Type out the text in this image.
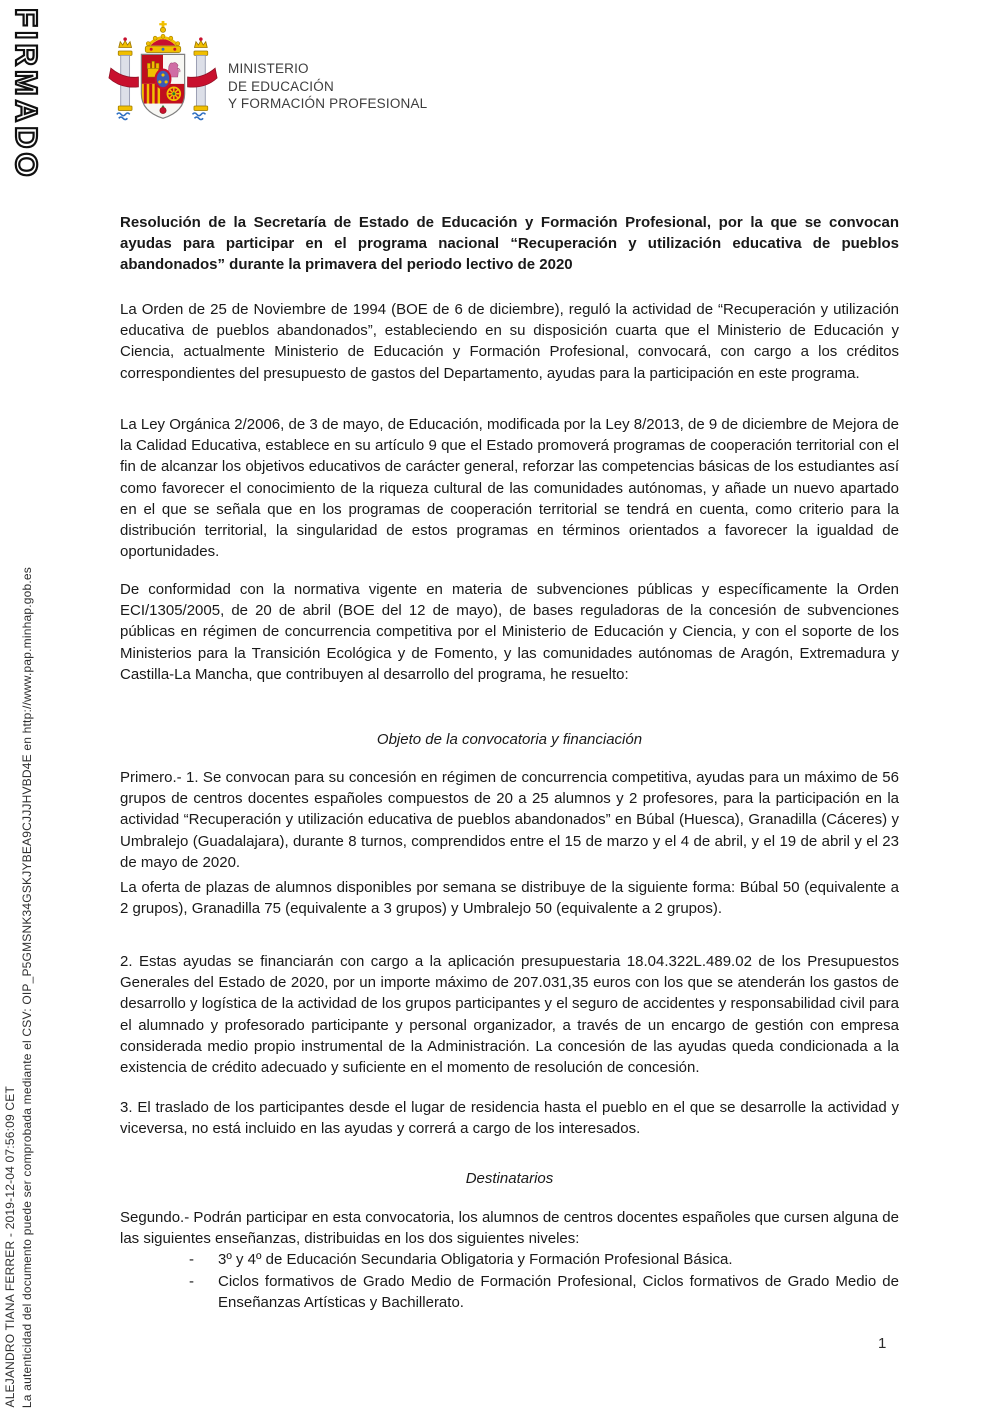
FIRMADO	MINISTERIO
DE EDUCACIÓN
Y FORMACIÓN PROFESIONAL
Resolución de la Secretaría de Estado de Educación y Formación Profesional, por la que se convocan ayudas para participar en el programa nacional “Recuperación y utilización educativa de pueblos abandonados” durante la primavera del periodo lectivo de 2020
La Orden de 25 de Noviembre de 1994 (BOE de 6 de diciembre), reguló la actividad de “Recuperación y utilización educativa de pueblos abandonados”, estableciendo en su disposición cuarta que el Ministerio de Educación y Ciencia, actualmente Ministerio de Educación y Formación Profesional, convocará, con cargo a los créditos correspondientes del presupuesto de gastos del Departamento, ayudas para la participación en este programa.
La Ley Orgánica 2/2006, de 3 de mayo, de Educación, modificada por la Ley 8/2013, de 9 de diciembre de Mejora de la Calidad Educativa, establece en su artículo 9 que el Estado promoverá programas de cooperación territorial con el fin de alcanzar los objetivos educativos de carácter general, reforzar las competencias básicas de los estudiantes así como favorecer el conocimiento de la riqueza cultural de las comunidades autónomas, y añade un nuevo apartado en el que se señala que en los programas de cooperación territorial se tendrá en cuenta, como criterio para la distribución territorial, la singularidad de estos programas en términos orientados a favorecer la igualdad de oportunidades.
De conformidad con la normativa vigente en materia de subvenciones públicas y específicamente la Orden ECI/1305/2005, de 20 de abril (BOE del 12 de mayo), de bases reguladoras de la concesión de subvenciones públicas en régimen de concurrencia competitiva por el Ministerio de Educación y Ciencia, y con el soporte de los Ministerios para la Transición Ecológica y de Fomento, y las comunidades autónomas de Aragón, Extremadura y Castilla-La Mancha, que contribuyen al desarrollo del programa, he resuelto:
Objeto de la convocatoria y financiación
Primero.- 1. Se convocan para su concesión en régimen de concurrencia competitiva, ayudas para un máximo de 56 grupos de centros docentes españoles compuestos de 20 a 25 alumnos y 2 profesores, para la participación en la actividad “Recuperación y utilización educativa de pueblos abandonados” en Búbal (Huesca), Granadilla (Cáceres) y Umbralejo (Guadalajara), durante 8 turnos, comprendidos entre el 15 de marzo y el 4 de abril, y el 19 de abril y el 23 de mayo de 2020.
La oferta de plazas de alumnos disponibles por semana se distribuye de la siguiente forma: Búbal 50 (equivalente a 2 grupos), Granadilla 75 (equivalente a 3 grupos) y Umbralejo 50 (equivalente a 2 grupos).
2. Estas ayudas se financiarán con cargo a la aplicación presupuestaria 18.04.322L.489.02 de los Presupuestos Generales del Estado de 2020, por un importe máximo de 207.031,35 euros con los que se atenderán los gastos de desarrollo y logística de la actividad de los grupos participantes y el seguro de accidentes y responsabilidad civil para el alumnado y profesorado participante y personal organizador, a través de un encargo de gestión con empresa considerada medio propio instrumental de la Administración. La concesión de las ayudas queda condicionada a la existencia de crédito adecuado y suficiente en el momento de resolución de concesión.
3. El traslado de los participantes desde el lugar de residencia hasta el pueblo en el que se desarrolle la actividad y viceversa, no está incluido en las ayudas y correrá a cargo de los interesados.
Destinatarios
Segundo.- Podrán participar en esta convocatoria, los alumnos de centros docentes españoles que cursen alguna de las siguientes enseñanzas, distribuidas en los dos siguientes niveles:
-	3º y 4º de Educación Secundaria Obligatoria y Formación Profesional Básica.
-	Ciclos formativos de Grado Medio de Formación Profesional, Ciclos formativos de Grado Medio de Enseñanzas Artísticas y Bachillerato.
1
ALEJANDRO TIANA FERRER - 2019-12-04 07:56:09 CET La autenticidad del documento puede ser comprobada mediante el CSV: OIP_P5GMSNK34GSKJYBEA9CJJJHVBD4E en http://www.pap.minhap.gob.es
